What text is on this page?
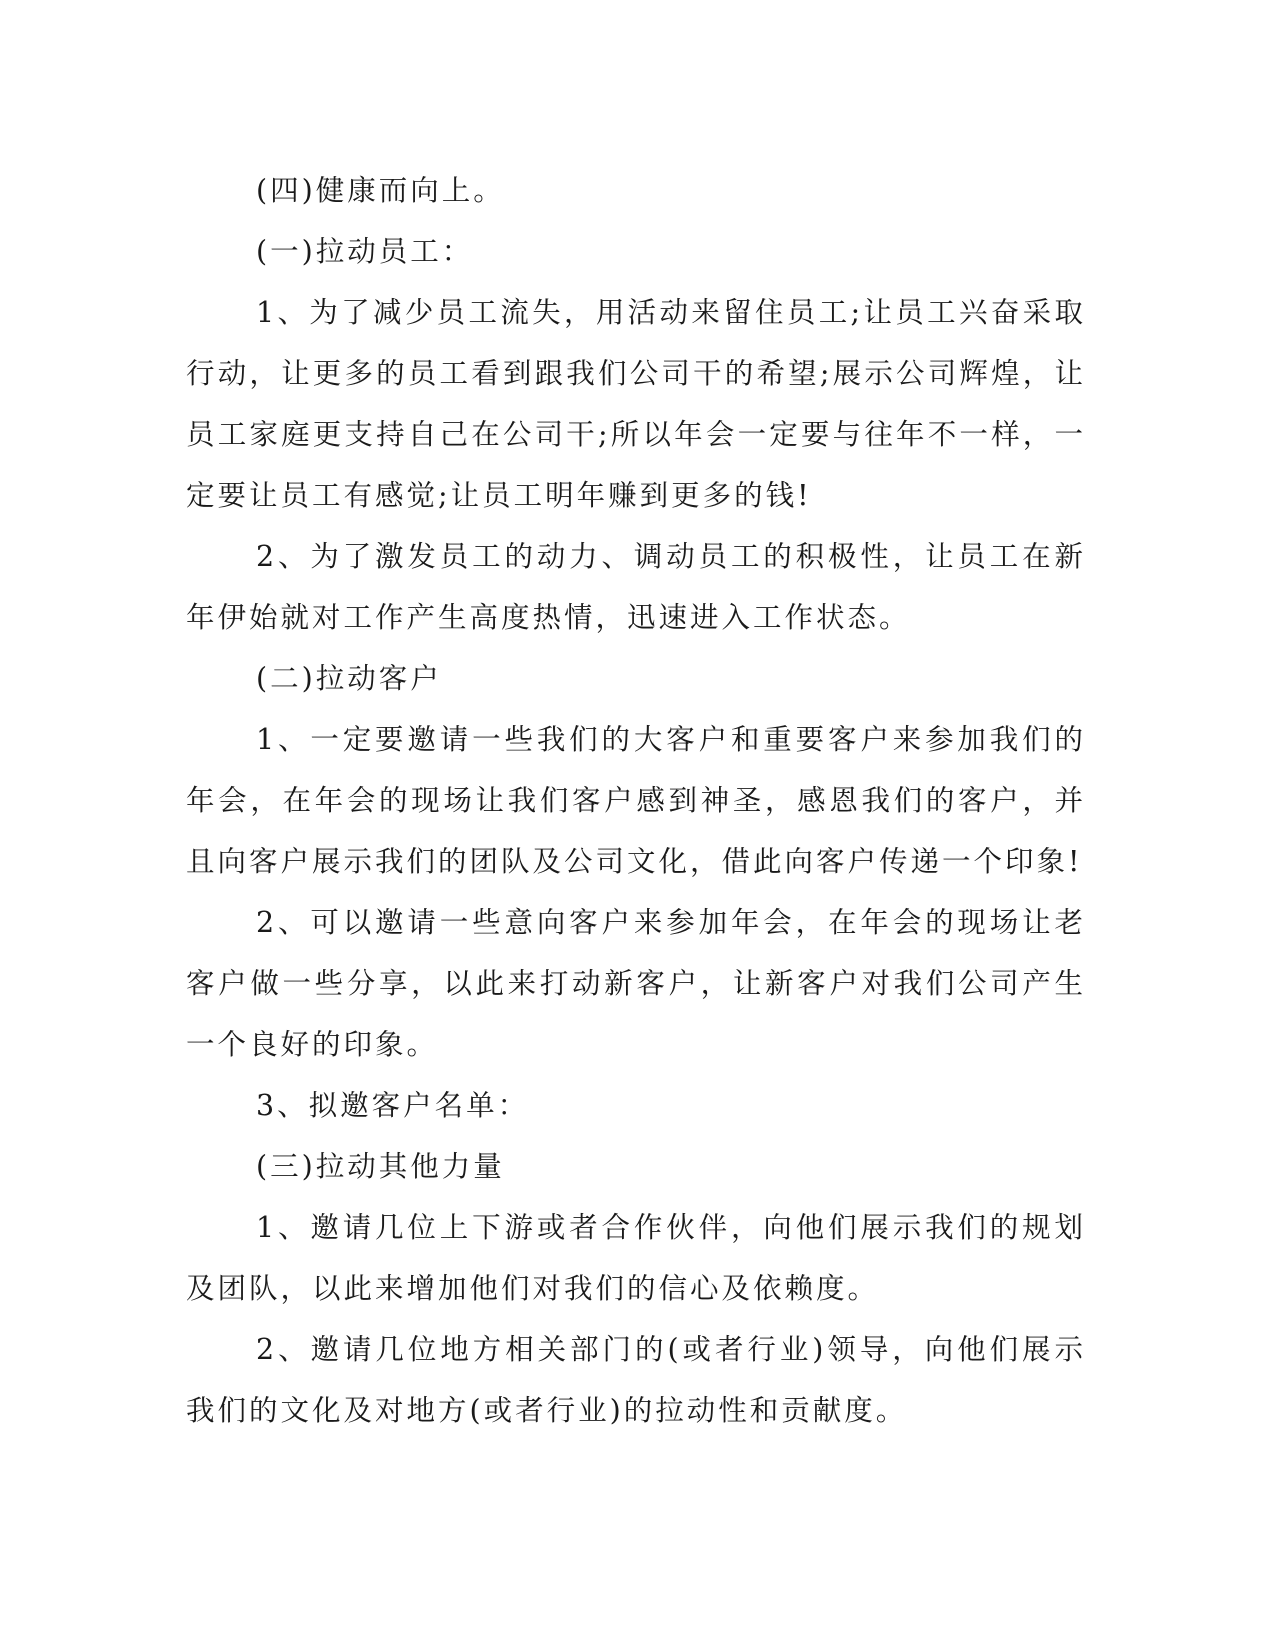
(四)健康而向上。

(一)拉动员工：

1、为了减少员工流失，用活动来留住员工;让员工兴奋采取行动，让更多的员工看到跟我们公司干的希望;展示公司辉煌，让员工家庭更支持自己在公司干;所以年会一定要与往年不一样，一定要让员工有感觉;让员工明年赚到更多的钱!

2、为了激发员工的动力、调动员工的积极性，让员工在新年伊始就对工作产生高度热情，迅速进入工作状态。

(二)拉动客户

1、一定要邀请一些我们的大客户和重要客户来参加我们的年会，在年会的现场让我们客户感到神圣，感恩我们的客户，并且向客户展示我们的团队及公司文化，借此向客户传递一个印象!

2、可以邀请一些意向客户来参加年会，在年会的现场让老客户做一些分享，以此来打动新客户，让新客户对我们公司产生一个良好的印象。

3、拟邀客户名单：

(三)拉动其他力量

1、邀请几位上下游或者合作伙伴，向他们展示我们的规划及团队，以此来增加他们对我们的信心及依赖度。

2、邀请几位地方相关部门的(或者行业)领导，向他们展示我们的文化及对地方(或者行业)的拉动性和贡献度。
